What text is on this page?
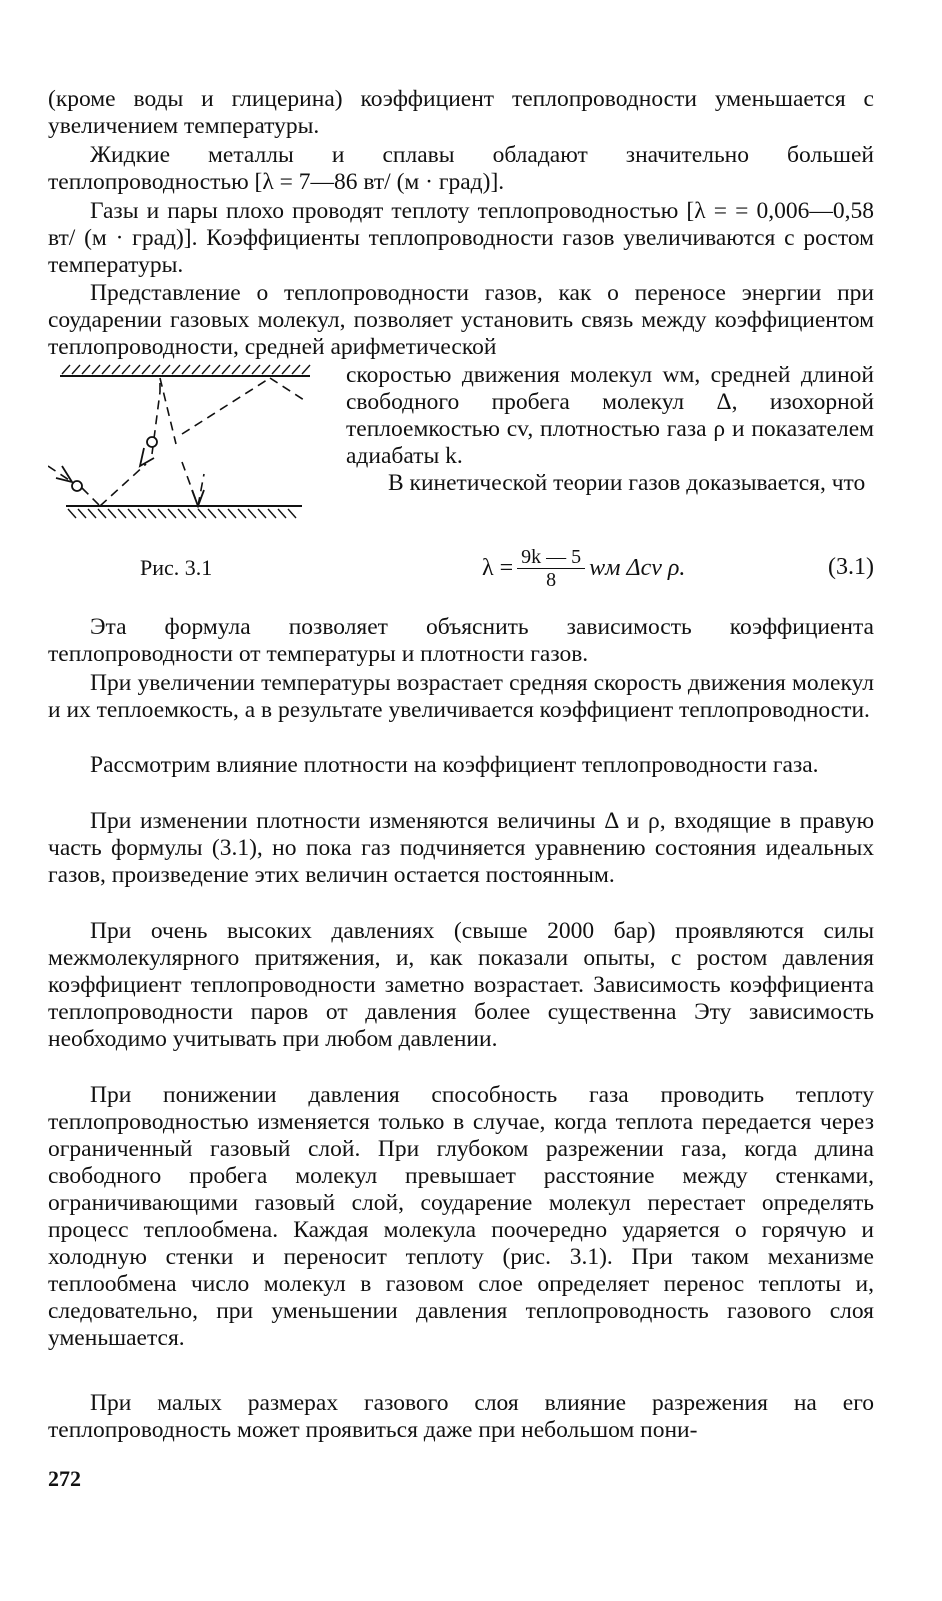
(кроме воды и глицерина) коэффициент теплопроводности уменьшается с увеличением температуры.

Жидкие металлы и сплавы обладают значительно большей теплопроводностью [λ = 7—86 вт/ (м · град)].

Газы и пары плохо проводят теплоту теплопроводностью [λ = = 0,006—0,58 вт/ (м · град)]. Коэффициенты теплопроводности газов увеличиваются с ростом температуры.

Представление о теплопроводности газов, как о переносе энергии при соударении газовых молекул, позволяет установить связь между коэффициентом теплопроводности, средней арифметической

Рис. 3.1

скоростью движения молекул wм, средней длиной свободного пробега молекул Δ, изохорной теплоемкостью cv, плотностью газа ρ и показателем адиабаты k.

В кинетической теории газов доказывается, что

$\lambda = \frac{9k — 5}{8}$ wм Δcv ρ.	(3.1)

Эта формула позволяет объяснить зависимость коэффициента теплопроводности от температуры и плотности газов.

При увеличении температуры возрастает средняя скорость движения молекул и их теплоемкость, а в результате увеличивается коэффициент теплопроводности.

Рассмотрим влияние плотности на коэффициент теплопроводности газа.

При изменении плотности изменяются величины Δ и ρ, входящие в правую часть формулы (3.1), но пока газ подчиняется уравнению состояния идеальных газов, произведение этих величин остается постоянным.

При очень высоких давлениях (свыше 2000 бар) проявляются силы межмолекулярного притяжения, и, как показали опыты, с ростом давления коэффициент теплопроводности заметно возрастает. Зависимость коэффициента теплопроводности паров от давления более существенна Эту зависимость необходимо учитывать при любом давлении.

При понижении давления способность газа проводить теплоту теплопроводностью изменяется только в случае, когда теплота передается через ограниченный газовый слой. При глубоком разрежении газа, когда длина свободного пробега молекул превышает расстояние между стенками, ограничивающими газовый слой, соударение молекул перестает определять процесс теплообмена. Каждая молекула поочередно ударяется о горячую и холодную стенки и переносит теплоту (рис. 3.1). При таком механизме теплообмена число молекул в газовом слое определяет перенос теплоты и, следовательно, при уменьшении давления теплопроводность газового слоя уменьшается.

При малых размерах газового слоя влияние разрежения на его теплопроводность может проявиться даже при небольшом пони-

272
